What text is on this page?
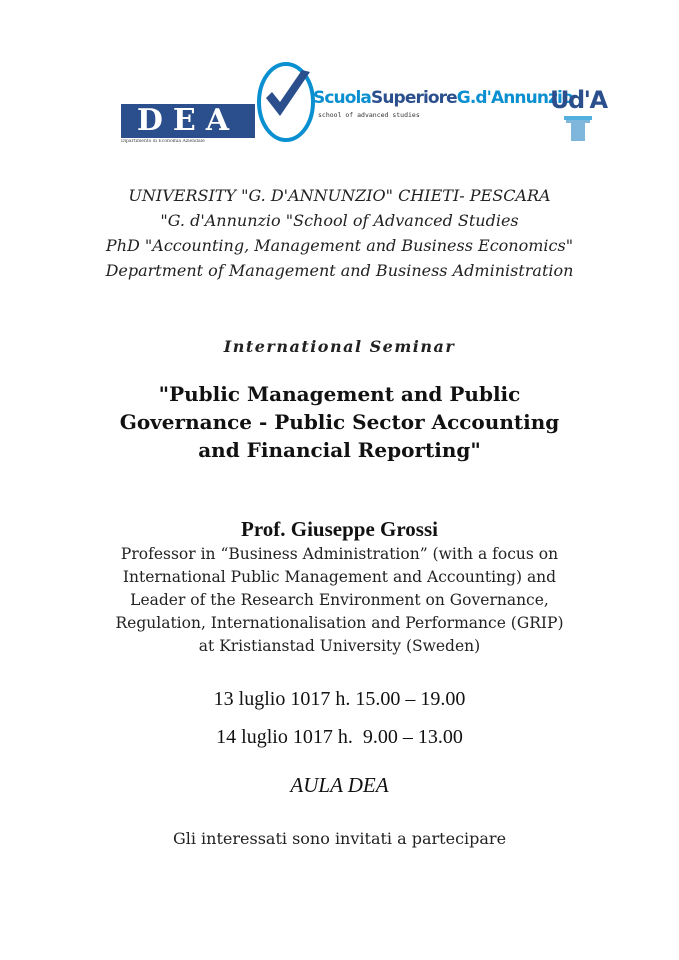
DEA
Dipartimento di Economia Aziendale
ScuolaSuperioreG.d'Annunzio
school of advanced studies
Ud'A
UNIVERSITY "G. D'ANNUNZIO" CHIETI- PESCARA
"G. d'Annunzio "School of Advanced Studies
PhD "Accounting, Management and Business Economics"
Department of Management and Business Administration
International Seminar
"Public Management and Public
Governance - Public Sector Accounting
and Financial Reporting"
Prof. Giuseppe Grossi
Professor in “Business Administration” (with a focus on
International Public Management and Accounting) and
Leader of the Research Environment on Governance,
Regulation, Internationalisation and Performance (GRIP)
at Kristianstad University (Sweden)
13 luglio 1017 h. 15.00 – 19.00
14 luglio 1017 h.  9.00 – 13.00
AULA DEA
Gli interessati sono invitati a partecipare
